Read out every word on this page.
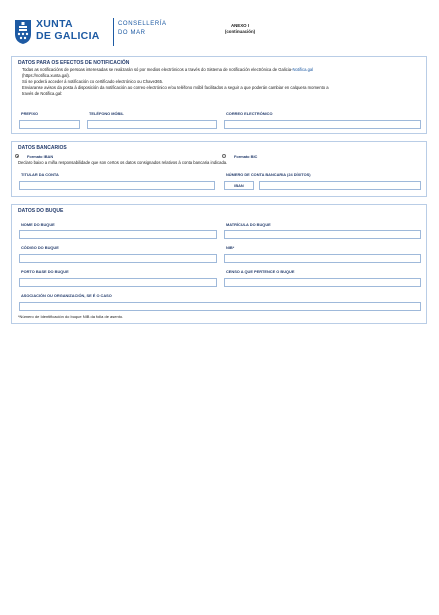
XUNTA
DE GALICIA
CONSELLERÍA
DO MAR
ANEXO I
(continuación)
DATOS PARA OS EFECTOS DE NOTIFICACIÓN
Todas as notificacións de persoas interesadas se realizarán só por medios electrónicos a través do Sistema de notificación electrónica de Galicia-Notifica.gal
(https://notifica.xunta.gal).
Só se poderá acceder á notificación co certificado electrónico ou Chave365.
Enviaranse avisos da posta á disposición da notificación ao correo electrónico e/ou teléfono móbil facilitados a seguir a que poderán cambiar en calquera momento a
través de Notifica.gal:
PREFIXO	TELÉFONO MÓBIL	CORREO ELECTRÓNICO
DATOS BANCARIOS
Formato IBAN	Formato BIC
Declaro baixo a miña responsabilidade que son certos os datos consignados relativos á conta bancaria indicada.
TITULAR DA CONTA	NÚMERO DE CONTA BANCARIA (24 DÍXITOS)
IBAN
DATOS DO BUQUE
NOME DO BUQUE	MATRÍCULA DO BUQUE
CÓDIGO DO BUQUE	NIB*
PORTO BASE DO BUQUE	CENSO A QUE PERTENCE O BUQUE
ASOCIACIÓN OU ORGANIZACIÓN, SE É O CASO
*Número de Identificación do buque NIB da folla de asento.
